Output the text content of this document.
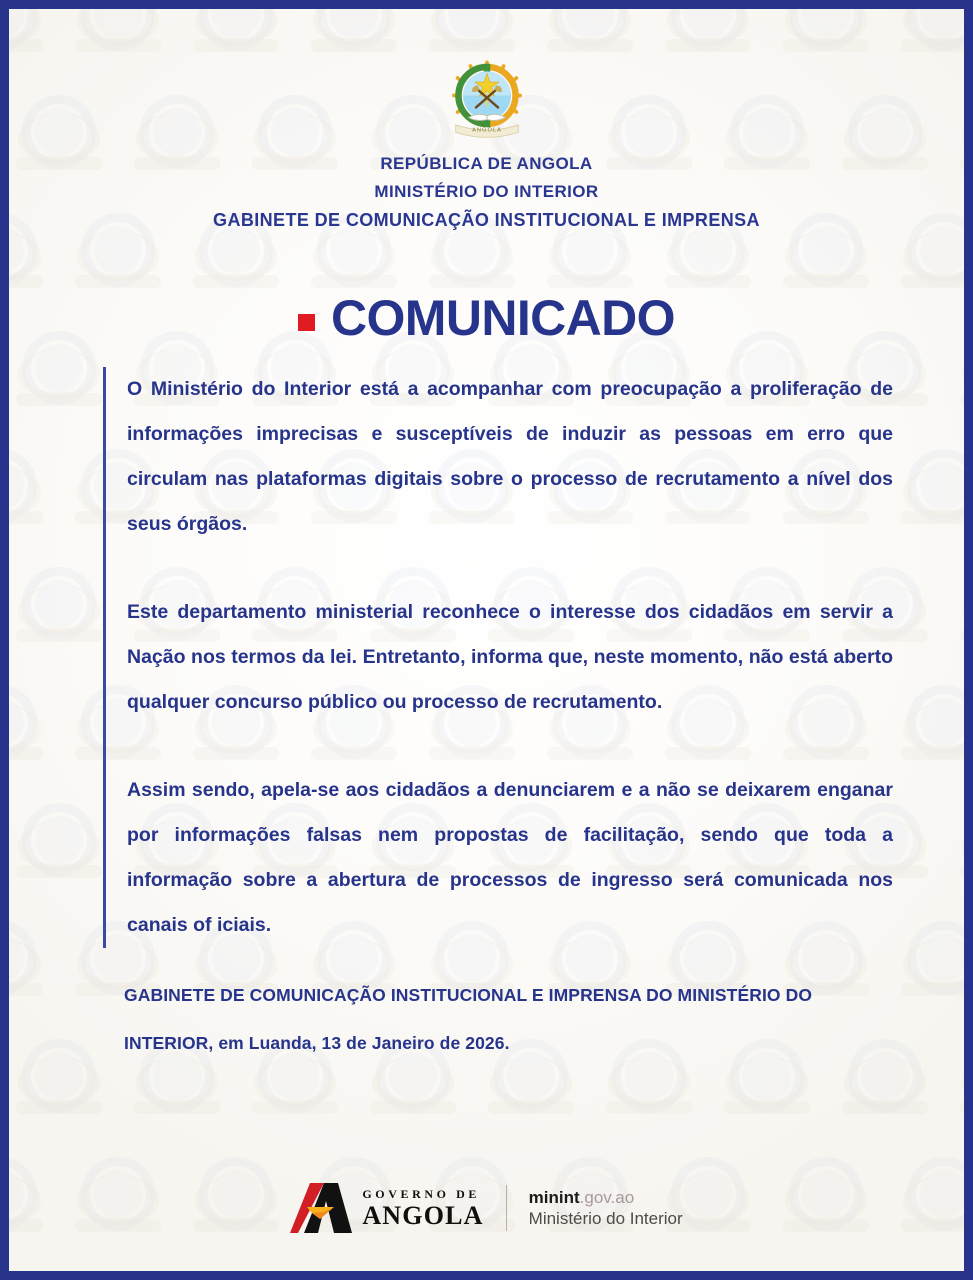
ANGOLA
REPÚBLICA DE ANGOLA
MINISTÉRIO DO INTERIOR
GABINETE DE COMUNICAÇÃO INSTITUCIONAL E IMPRENSA
COMUNICADO

O Ministério do Interior está a acompanhar com preocupação a proliferação de informações imprecisas e susceptíveis de induzir as pessoas em erro que circulam nas plataformas digitais sobre o processo de recrutamento a nível dos seus órgãos.

Este departamento ministerial reconhece o interesse dos cidadãos em servir a Nação nos termos da lei. Entretanto, informa que, neste momento, não está aberto qualquer concurso público ou processo de recrutamento.

Assim sendo, apela-se aos cidadãos a denunciarem e a não se deixarem enganar por informações falsas nem propostas de facilitação, sendo que toda a informação sobre a abertura de processos de ingresso será comunicada nos canais of iciais.

GABINETE DE COMUNICAÇÃO INSTITUCIONAL E IMPRENSA DO MINISTÉRIO DO INTERIOR, em Luanda, 13 de Janeiro de 2026.
GOVERNO DE
ANGOLA
minint.gov.ao
Ministério do Interior
